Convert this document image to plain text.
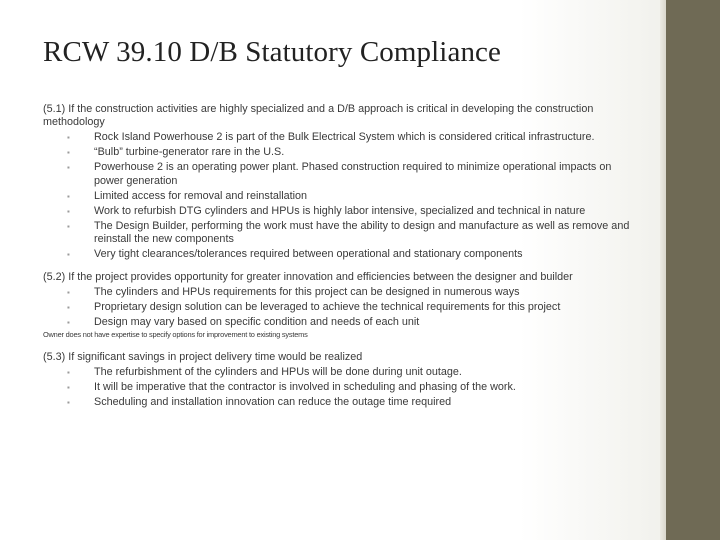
RCW 39.10 D/B Statutory Compliance

(5.1) If the construction activities are highly specialized and a D/B approach is critical in developing the construction methodology

▪ Rock Island Powerhouse 2 is part of the Bulk Electrical System which is considered critical infrastructure.
▪ “Bulb” turbine-generator rare in the U.S.
▪ Powerhouse 2 is an operating power plant. Phased construction required to minimize operational impacts on power generation
▪ Limited access for removal and reinstallation
▪ Work to refurbish DTG cylinders and HPUs is highly labor intensive, specialized and technical in nature
▪ The Design Builder, performing the work must have the ability to design and manufacture as well as remove and reinstall the new components
▪ Very tight clearances/tolerances required between operational and stationary components

(5.2) If the project provides opportunity for greater innovation and efficiencies between the designer and builder

▪ The cylinders and HPUs requirements for this project can be designed in numerous ways
▪ Proprietary design solution can be leveraged to achieve the technical requirements for this project
▪ Design may vary based on specific condition and needs of each unit

Owner does not have expertise to specify options for improvement to existing systems

(5.3) If significant savings in project delivery time would be realized

▪ The refurbishment of the cylinders and HPUs will be done during unit outage.
▪ It will be imperative that the contractor is involved in scheduling and phasing of the work.
▪ Scheduling and installation innovation can reduce the outage time required
